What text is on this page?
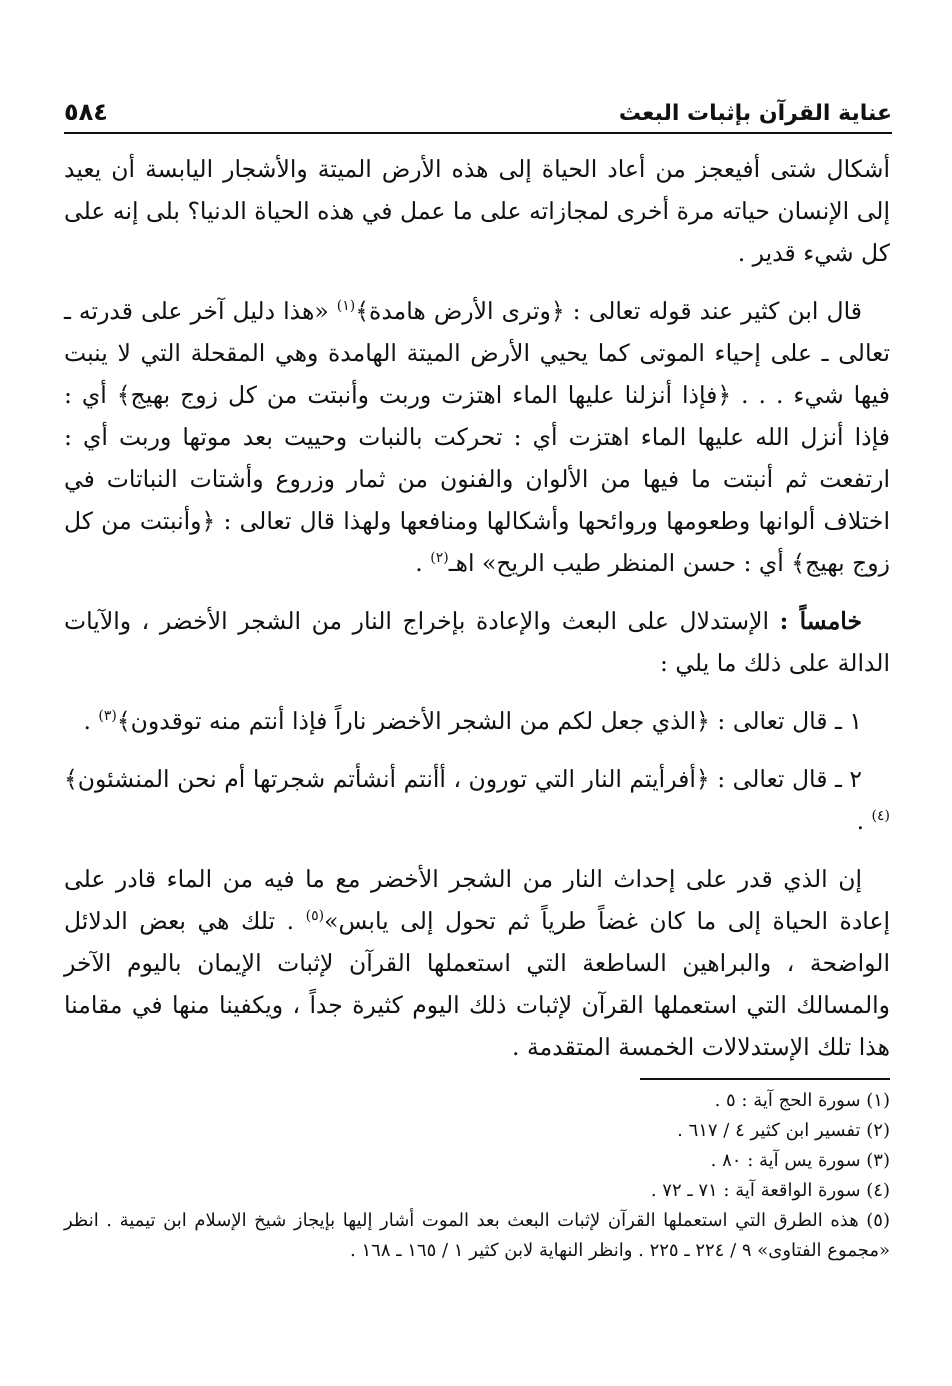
عناية القرآن بإثبات البعث
٥٨٤

أشكال شتى أفيعجز من أعاد الحياة إلى هذه الأرض الميتة والأشجار اليابسة أن يعيد إلى الإنسان حياته مرة أخرى لمجازاته على ما عمل في هذه الحياة الدنيا؟ بلى إنه على كل شيء قدير .

قال ابن كثير عند قوله تعالى : ﴿وترى الأرض هامدة﴾$^{(١)}$ «هذا دليل آخر على قدرته ـ تعالى ـ على إحياء الموتى كما يحيي الأرض الميتة الهامدة وهي المقحلة التي لا ينبت فيها شيء . . . ﴿فإذا أنزلنا عليها الماء اهتزت وربت وأنبتت من كل زوج بهيج﴾ أي : فإذا أنزل الله عليها الماء اهتزت أي : تحركت بالنبات وحييت بعد موتها وربت أي : ارتفعت ثم أنبتت ما فيها من الألوان والفنون من ثمار وزروع وأشتات النباتات في اختلاف ألوانها وطعومها وروائحها وأشكالها ومنافعها ولهذا قال تعالى : ﴿وأنبتت من كل زوج بهيج﴾ أي : حسن المنظر طيب الريح» اهـ$^{(٢)}$ .

خامساً : الإستدلال على البعث والإعادة بإخراج النار من الشجر الأخضر ، والآيات الدالة على ذلك ما يلي :

١ ـ قال تعالى : ﴿الذي جعل لكم من الشجر الأخضر ناراً فإذا أنتم منه توقدون﴾$^{(٣)}$ .

٢ ـ قال تعالى : ﴿أفرأيتم النار التي تورون ، أأنتم أنشأتم شجرتها أم نحن المنشئون﴾$^{(٤)}$ .

إن الذي قدر على إحداث النار من الشجر الأخضر مع ما فيه من الماء قادر على إعادة الحياة إلى ما كان غضاً طرياً ثم تحول إلى يابس»$^{(٥)}$ . تلك هي بعض الدلائل الواضحة ، والبراهين الساطعة التي استعملها القرآن لإثبات الإيمان باليوم الآخر والمسالك التي استعملها القرآن لإثبات ذلك اليوم كثيرة جداً ، ويكفينا منها في مقامنا هذا تلك الإستدلالات الخمسة المتقدمة .

(١) سورة الحج آية : ٥ .

(٢) تفسير ابن كثير ٤ / ٦١٧ .

(٣) سورة يس آية : ٨٠ .

(٤) سورة الواقعة آية : ٧١ ـ ٧٢ .

(٥) هذه الطرق التي استعملها القرآن لإثبات البعث بعد الموت أشار إليها بإيجاز شيخ الإسلام ابن تيمية . انظر «مجموع الفتاوى» ٩ / ٢٢٤ ـ ٢٢٥ . وانظر النهاية لابن كثير ١ / ١٦٥ ـ ١٦٨ .
